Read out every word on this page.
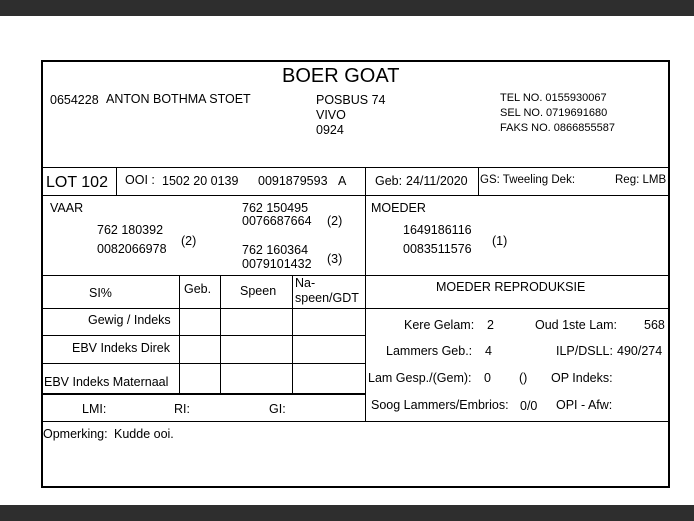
BOER GOAT
0654228 ANTON BOTHMA STOET	POSBUS 74
VIVO
0924
TEL NO. 0155930067
SEL NO. 0719691680
FAKS NO. 0866855587
LOT 102 OOI : 1502 20 0139 0091879593 A Geb: 24/11/2020 GS: Tweeling Dek:	Reg: LMB
VAAR
762 180392
0082066978
(2)
762 150495
0076687664 (2)
762 160364
0079101432 (3)
MOEDER
1649186116
0083511576
(1)
SI%	Geb. Speen
Na-
speen/GDT
Gewig / Indeks
EBV Indeks Direk
EBV Indeks Maternaal
MOEDER REPRODUKSIE
Kere Gelam: 2	Oud 1ste Lam: 568
Lammers Geb.: 4	ILP/DSLL: 490/274
Lam Gesp./(Gem): 0 () OP Indeks:
Soog Lammers/Embrios: 0/0 OPI - Afw:
LMI:	RI:	GI:
Opmerking: Kudde ooi.
